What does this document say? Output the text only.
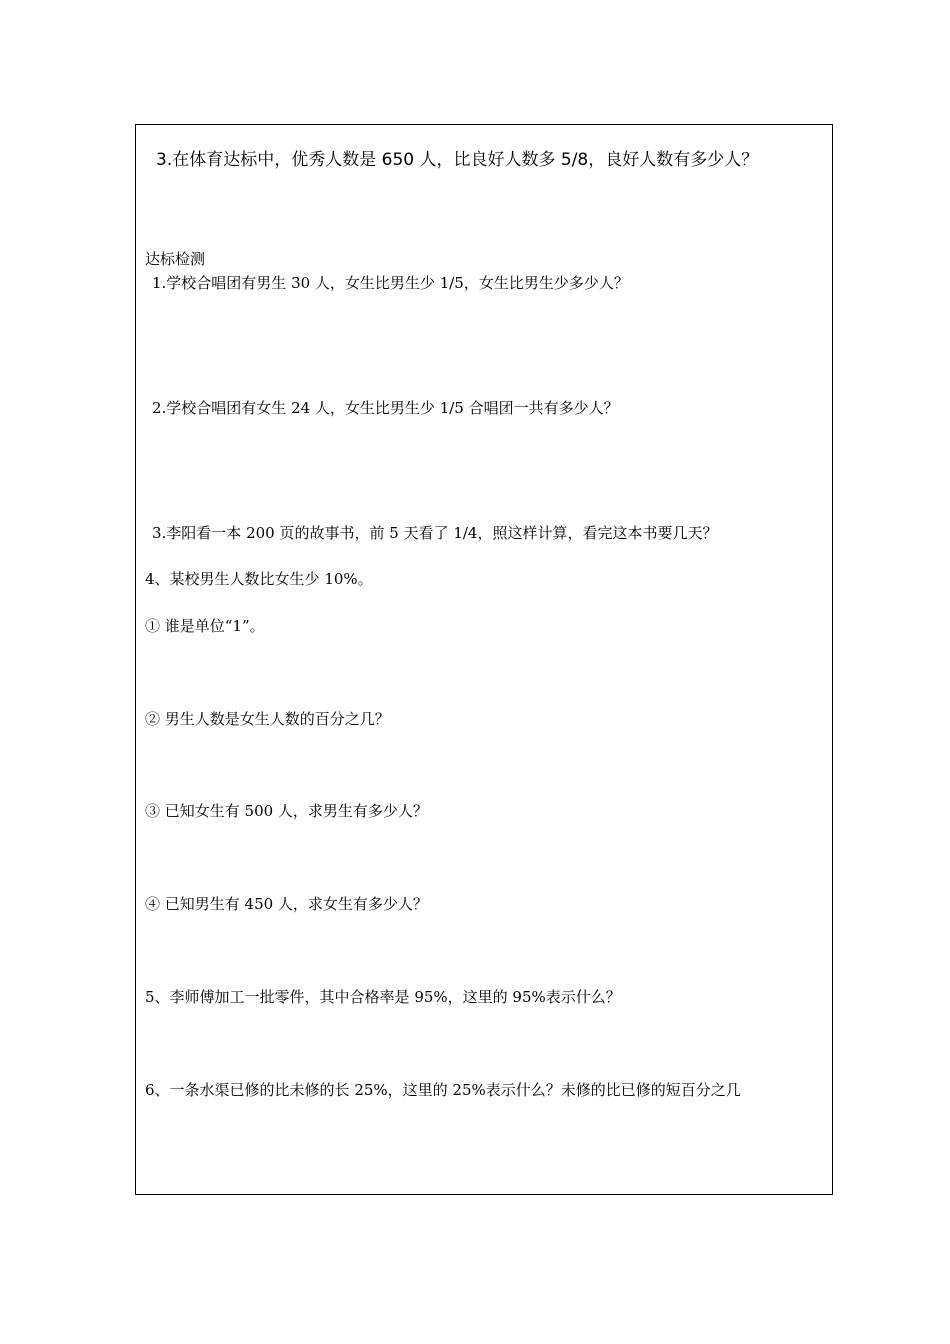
3.在体育达标中，优秀人数是 650 人，比良好人数多 5/8，良好人数有多少人？
达标检测
1.学校合唱团有男生 30 人，女生比男生少 1/5，女生比男生少多少人？
2.学校合唱团有女生 24 人，女生比男生少 1/5 合唱团一共有多少人？
3.李阳看一本 200 页的故事书，前 5 天看了 1/4，照这样计算，看完这本书要几天？
4、某校男生人数比女生少 10%。
① 谁是单位“1”。
② 男生人数是女生人数的百分之几？
③ 已知女生有 500 人，求男生有多少人？
④ 已知男生有 450 人，求女生有多少人？
5、李师傅加工一批零件，其中合格率是 95%，这里的 95%表示什么？
6、一条水渠已修的比未修的长 25%，这里的 25%表示什么？未修的比已修的短百分之几
